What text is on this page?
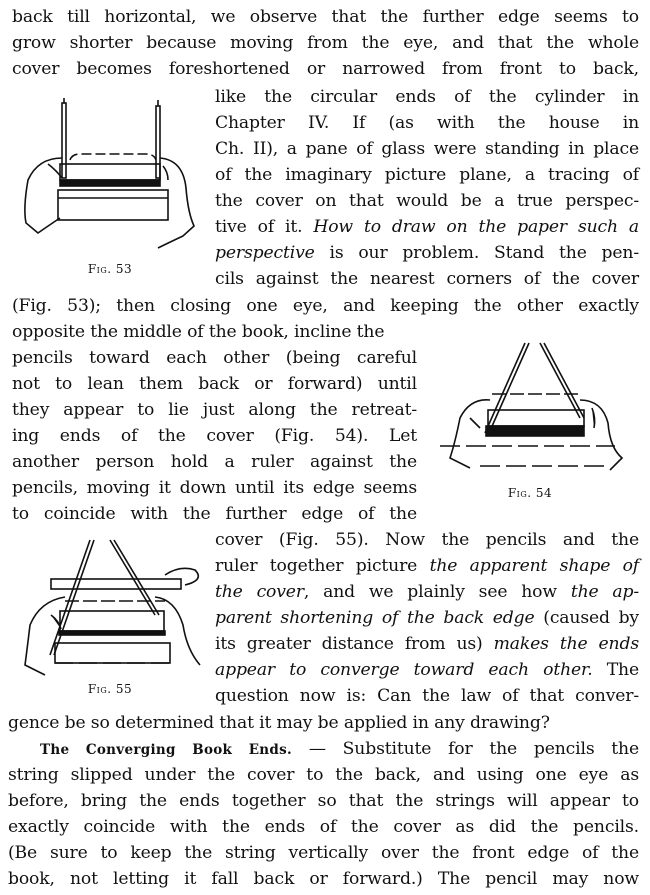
back till horizontal, we observe that the further edge seems to
grow shorter because moving from the eye, and that the whole
cover becomes foreshortened or narrowed from front to back,
like the circular ends of the cylinder in
Chapter IV. If (as with the house in
Ch. II), a pane of glass were standing in place
of the imaginary picture plane, a tracing of
the cover on that would be a true perspec-
tive of it. How to draw on the paper such a
perspective is our problem. Stand the pen-
cils against the nearest corners of the cover
(Fig. 53); then closing one eye, and keeping the other exactly
opposite the middle of the book, incline the
pencils toward each other (being careful
not to lean them back or forward) until
they appear to lie just along the retreat-
ing ends of the cover (Fig. 54). Let
another person hold a ruler against the
pencils, moving it down until its edge seems
to coincide with the further edge of the
cover (Fig. 55). Now the pencils and the
ruler together picture the apparent shape of
the cover, and we plainly see how the ap-
parent shortening of the back edge (caused by
its greater distance from us) makes the ends
appear to converge toward each other. The
question now is: Can the law of that conver-
gence be so determined that it may be applied in any drawing?
The Converging Book Ends. — Substitute for the pencils the
string slipped under the cover to the back, and using one eye as
before, bring the ends together so that the strings will appear to
exactly coincide with the ends of the cover as did the pencils.
(Be sure to keep the string vertically over the front edge of the
book, not letting it fall back or forward.) The pencil may now
Fig. 53
Fig. 54
Fig. 55
